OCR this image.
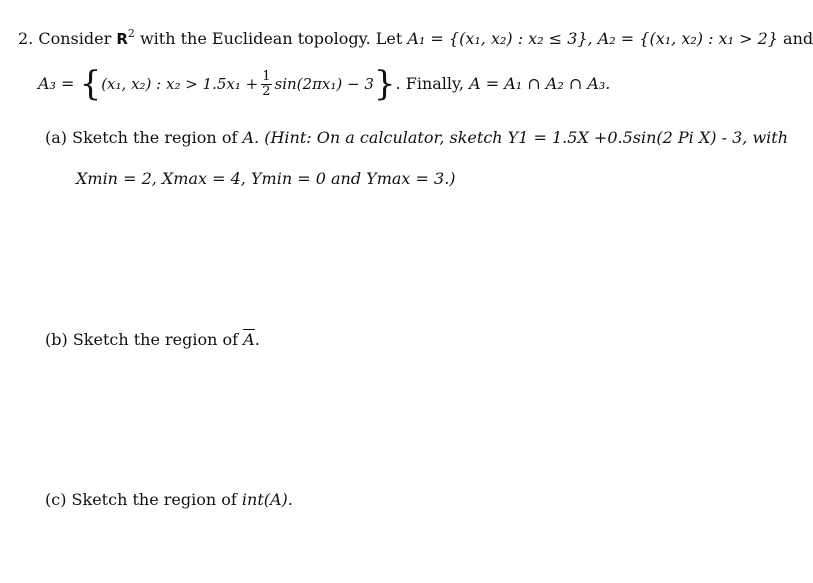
2. Consider $R^2$ with the Euclidean topology. Let A₁ = {(x₁, x₂) : x₂ ≤ 3}, A₂ = {(x₁, x₂) : x₁ > 2} and
A₃ = {(x₁, x₂) : $x_2 > 1.5x_1 + \frac{1}{2} \sin(2\pi x_1) - 3$}. Finally, A = A₁ ∩ A₂ ∩ A₃.
(a) Sketch the region of A. (Hint: On a calculator, sketch Y1 = 1.5X +0.5sin(2 Pi X) - 3, with
Xmin = 2, Xmax = 4, Ymin = 0 and Ymax = 3.)
(b) Sketch the region of $\overline{A}$.
(c) Sketch the region of int(A).
